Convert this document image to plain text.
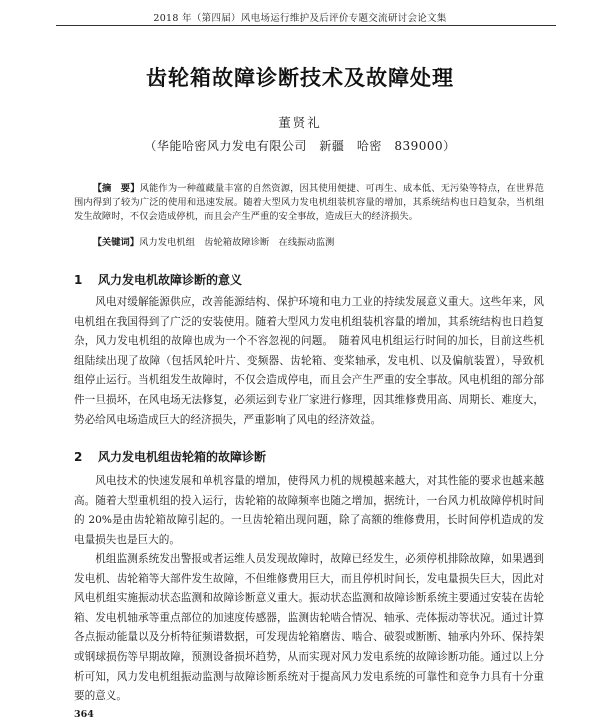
2018 年（第四届）风电场运行维护及后评价专题交流研讨会论文集
齿轮箱故障诊断技术及故障处理
董贤礼
（华能哈密风力发电有限公司　新疆　哈密　839000）
【摘　要】风能作为一种蕴藏量丰富的自然资源，因其使用便捷、可再生、成本低、无污染等特点，在世界范围内得到了较为广泛的使用和迅速发展。随着大型风力发电机组装机容量的增加，其系统结构也日趋复杂，当机组发生故障时，不仅会造成停机，而且会产生严重的安全事故，造成巨大的经济损失。
【关键词】风力发电机组　齿轮箱故障诊断　在线振动监测
1 风力发电机故障诊断的意义

风电对缓解能源供应，改善能源结构、保护环境和电力工业的持续发展意义重大。这些年来，风电机组在我国得到了广泛的安装使用。随着大型风力发电机组装机容量的增加，其系统结构也日趋复杂，风力发电机组的故障也成为一个不容忽视的问题。　随着风电机组运行时间的加长，目前这些机组陆续出现了故障（包括风轮叶片、变频器、齿轮箱、变桨轴承，发电机、以及偏航装置），导致机组停止运行。当机组发生故障时，不仅会造成停电，而且会产生严重的安全事故。风电机组的部分部件一旦损坏，在风电场无法修复，必须运到专业厂家进行修理，因其维修费用高、周期长、难度大，势必给风电场造成巨大的经济损失，严重影响了风电的经济效益。

2 风力发电机组齿轮箱的故障诊断

风电技术的快速发展和单机容量的增加，使得风力机的规模越来越大，对其性能的要求也越来越高。随着大型重机组的投入运行，齿轮箱的故障频率也随之增加，据统计，一台风力机故障停机时间的 20%是由齿轮箱故障引起的。一旦齿轮箱出现问题，除了高额的维修费用，长时间停机造成的发电量损失也是巨大的。

机组监测系统发出警报或者运维人员发现故障时，故障已经发生，必须停机排除故障，如果遇到发电机、齿轮箱等大部件发生故障，不但维修费用巨大，而且停机时间长，发电量损失巨大，因此对风电机组实施振动状态监测和故障诊断意义重大。振动状态监测和故障诊断系统主要通过安装在齿轮箱、发电机轴承等重点部位的加速度传感器，监测齿轮啮合情况、轴承、壳体振动等状况。通过计算各点振动能量以及分析特征频谱数据，可发现齿轮箱磨齿、啮合、破裂或断断、轴承内外环、保持架或钢球损伤等早期故障，预测设备损坏趋势，从而实现对风力发电系统的故障诊断功能。通过以上分析可知，风力发电机组振动监测与故障诊断系统对于提高风力发电系统的可靠性和竞争力具有十分重要的意义。

364
